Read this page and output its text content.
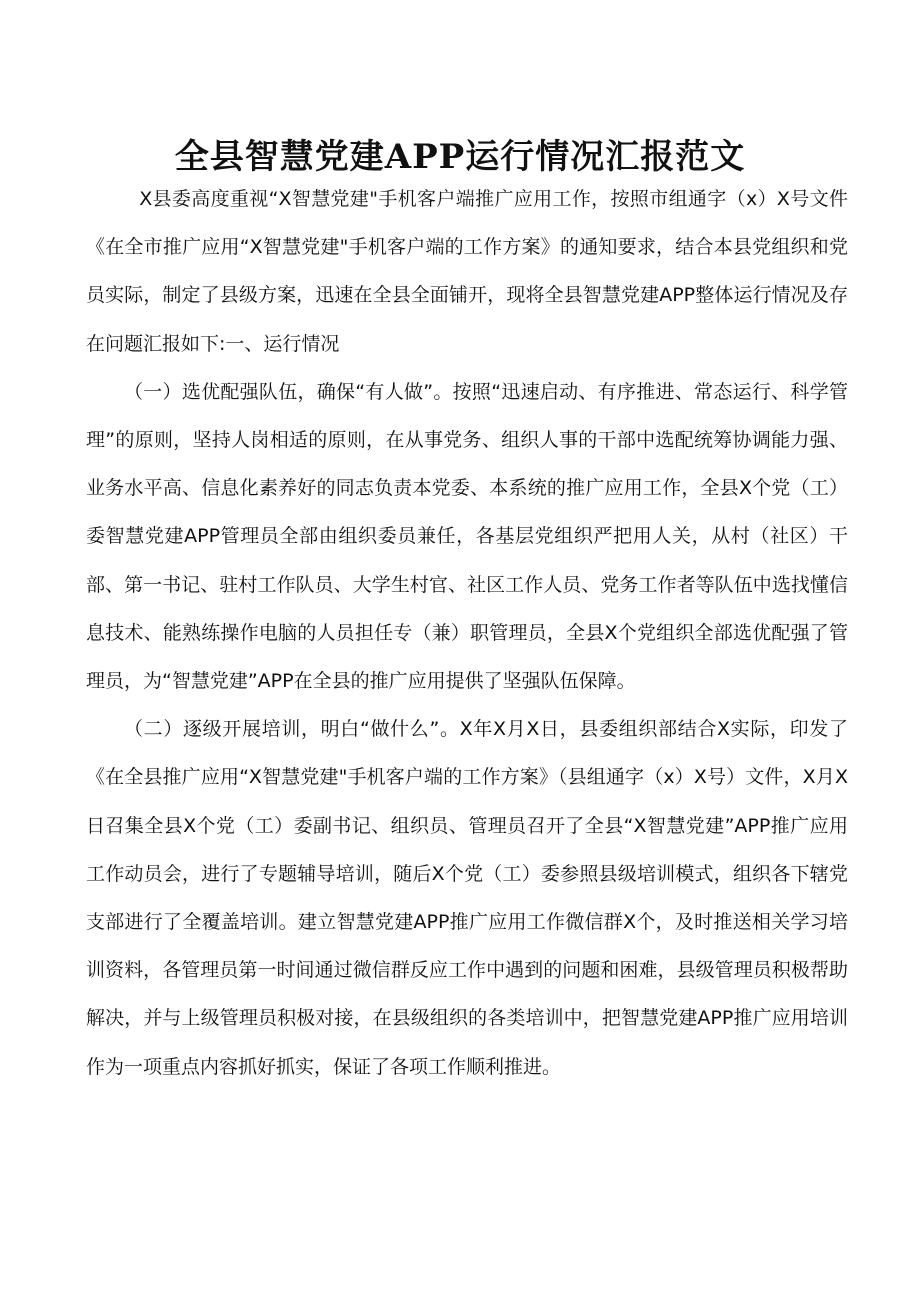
全县智慧党建APP运行情况汇报范文

X县委高度重视“X智慧党建"手机客户端推广应用工作，按照市组通字（x）X号文件《在全市推广应用“X智慧党建"手机客户端的工作方案》的通知要求，结合本县党组织和党员实际，制定了县级方案，迅速在全县全面铺开，现将全县智慧党建APP整体运行情况及存在问题汇报如下:一、运行情况

（一）选优配强队伍，确保“有人做”。按照“迅速启动、有序推进、常态运行、科学管理”的原则，坚持人岗相适的原则，在从事党务、组织人事的干部中选配统筹协调能力强、业务水平高、信息化素养好的同志负责本党委、本系统的推广应用工作，全县X个党（工）委智慧党建APP管理员全部由组织委员兼任，各基层党组织严把用人关，从村（社区）干部、第一书记、驻村工作队员、大学生村官、社区工作人员、党务工作者等队伍中选找懂信息技术、能熟练操作电脑的人员担任专（兼）职管理员，全县X个党组织全部选优配强了管理员，为“智慧党建”APP在全县的推广应用提供了坚强队伍保障。

（二）逐级开展培训，明白“做什么”。X年X月X日，县委组织部结合X实际，印发了《在全县推广应用“X智慧党建"手机客户端的工作方案》（县组通字（x）X号）文件，X月X日召集全县X个党（工）委副书记、组织员、管理员召开了全县“X智慧党建”APP推广应用工作动员会，进行了专题辅导培训，随后X个党（工）委参照县级培训模式，组织各下辖党支部进行了全覆盖培训。建立智慧党建APP推广应用工作微信群X个，及时推送相关学习培训资料，各管理员第一时间通过微信群反应工作中遇到的问题和困难，县级管理员积极帮助解决，并与上级管理员积极对接，在县级组织的各类培训中，把智慧党建APP推广应用培训作为一项重点内容抓好抓实，保证了各项工作顺利推进。
